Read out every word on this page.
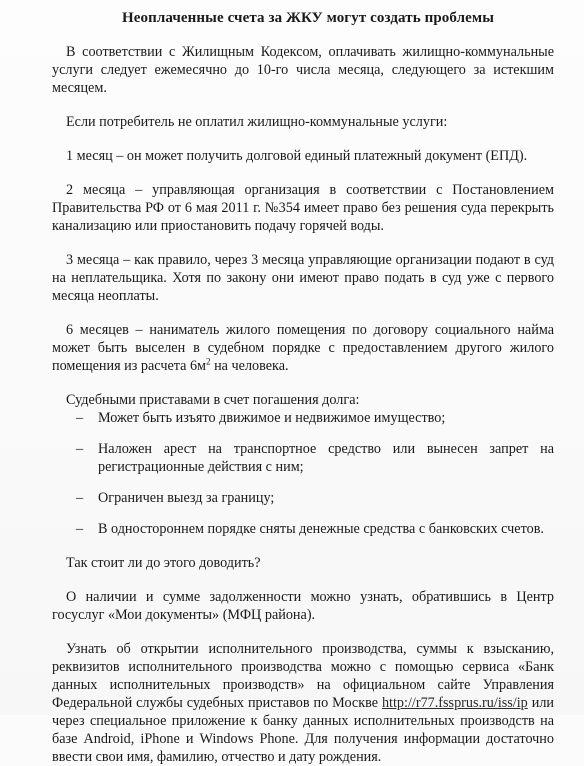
Неоплаченные счета за ЖКУ могут создать проблемы

В соответствии с Жилищным Кодексом, оплачивать жилищно-коммунальные услуги следует ежемесячно до 10-го числа месяца, следующего за истекшим месяцем.

Если потребитель не оплатил жилищно-коммунальные услуги:

1 месяц – он может получить долговой единый платежный документ (ЕПД).

2 месяца – управляющая организация в соответствии с Постановлением Правительства РФ от 6 мая 2011 г. №354 имеет право без решения суда перекрыть канализацию или приостановить подачу горячей воды.

3 месяца – как правило, через 3 месяца управляющие организации подают в суд на неплательщика. Хотя по закону они имеют право подать в суд уже с первого месяца неоплаты.

6 месяцев – наниматель жилого помещения по договору социального найма может быть выселен в судебном порядке с предоставлением другого жилого помещения из расчета $6м^2$ на человека.

Судебными приставами в счет погашения долга:

– Может быть изъято движимое и недвижимое имущество;
– Наложен арест на транспортное средство или вынесен запрет на регистрационные действия с ним;
– Ограничен выезд за границу;
– В одностороннем порядке сняты денежные средства с банковских счетов.

Так стоит ли до этого доводить?

О наличии и сумме задолженности можно узнать, обратившись в Центр госуслуг «Мои документы» (МФЦ района).

Узнать об открытии исполнительного производства, суммы к взысканию, реквизитов исполнительного производства можно с помощью сервиса «Банк данных исполнительных производств» на официальном сайте Управления Федеральной службы судебных приставов по Москве http://r77.fssprus.ru/iss/ip или через специальное приложение к банку данных исполнительных производств на базе Android, iPhone и Windows Phone. Для получения информации достаточно ввести свои имя, фамилию, отчество и дату рождения.
